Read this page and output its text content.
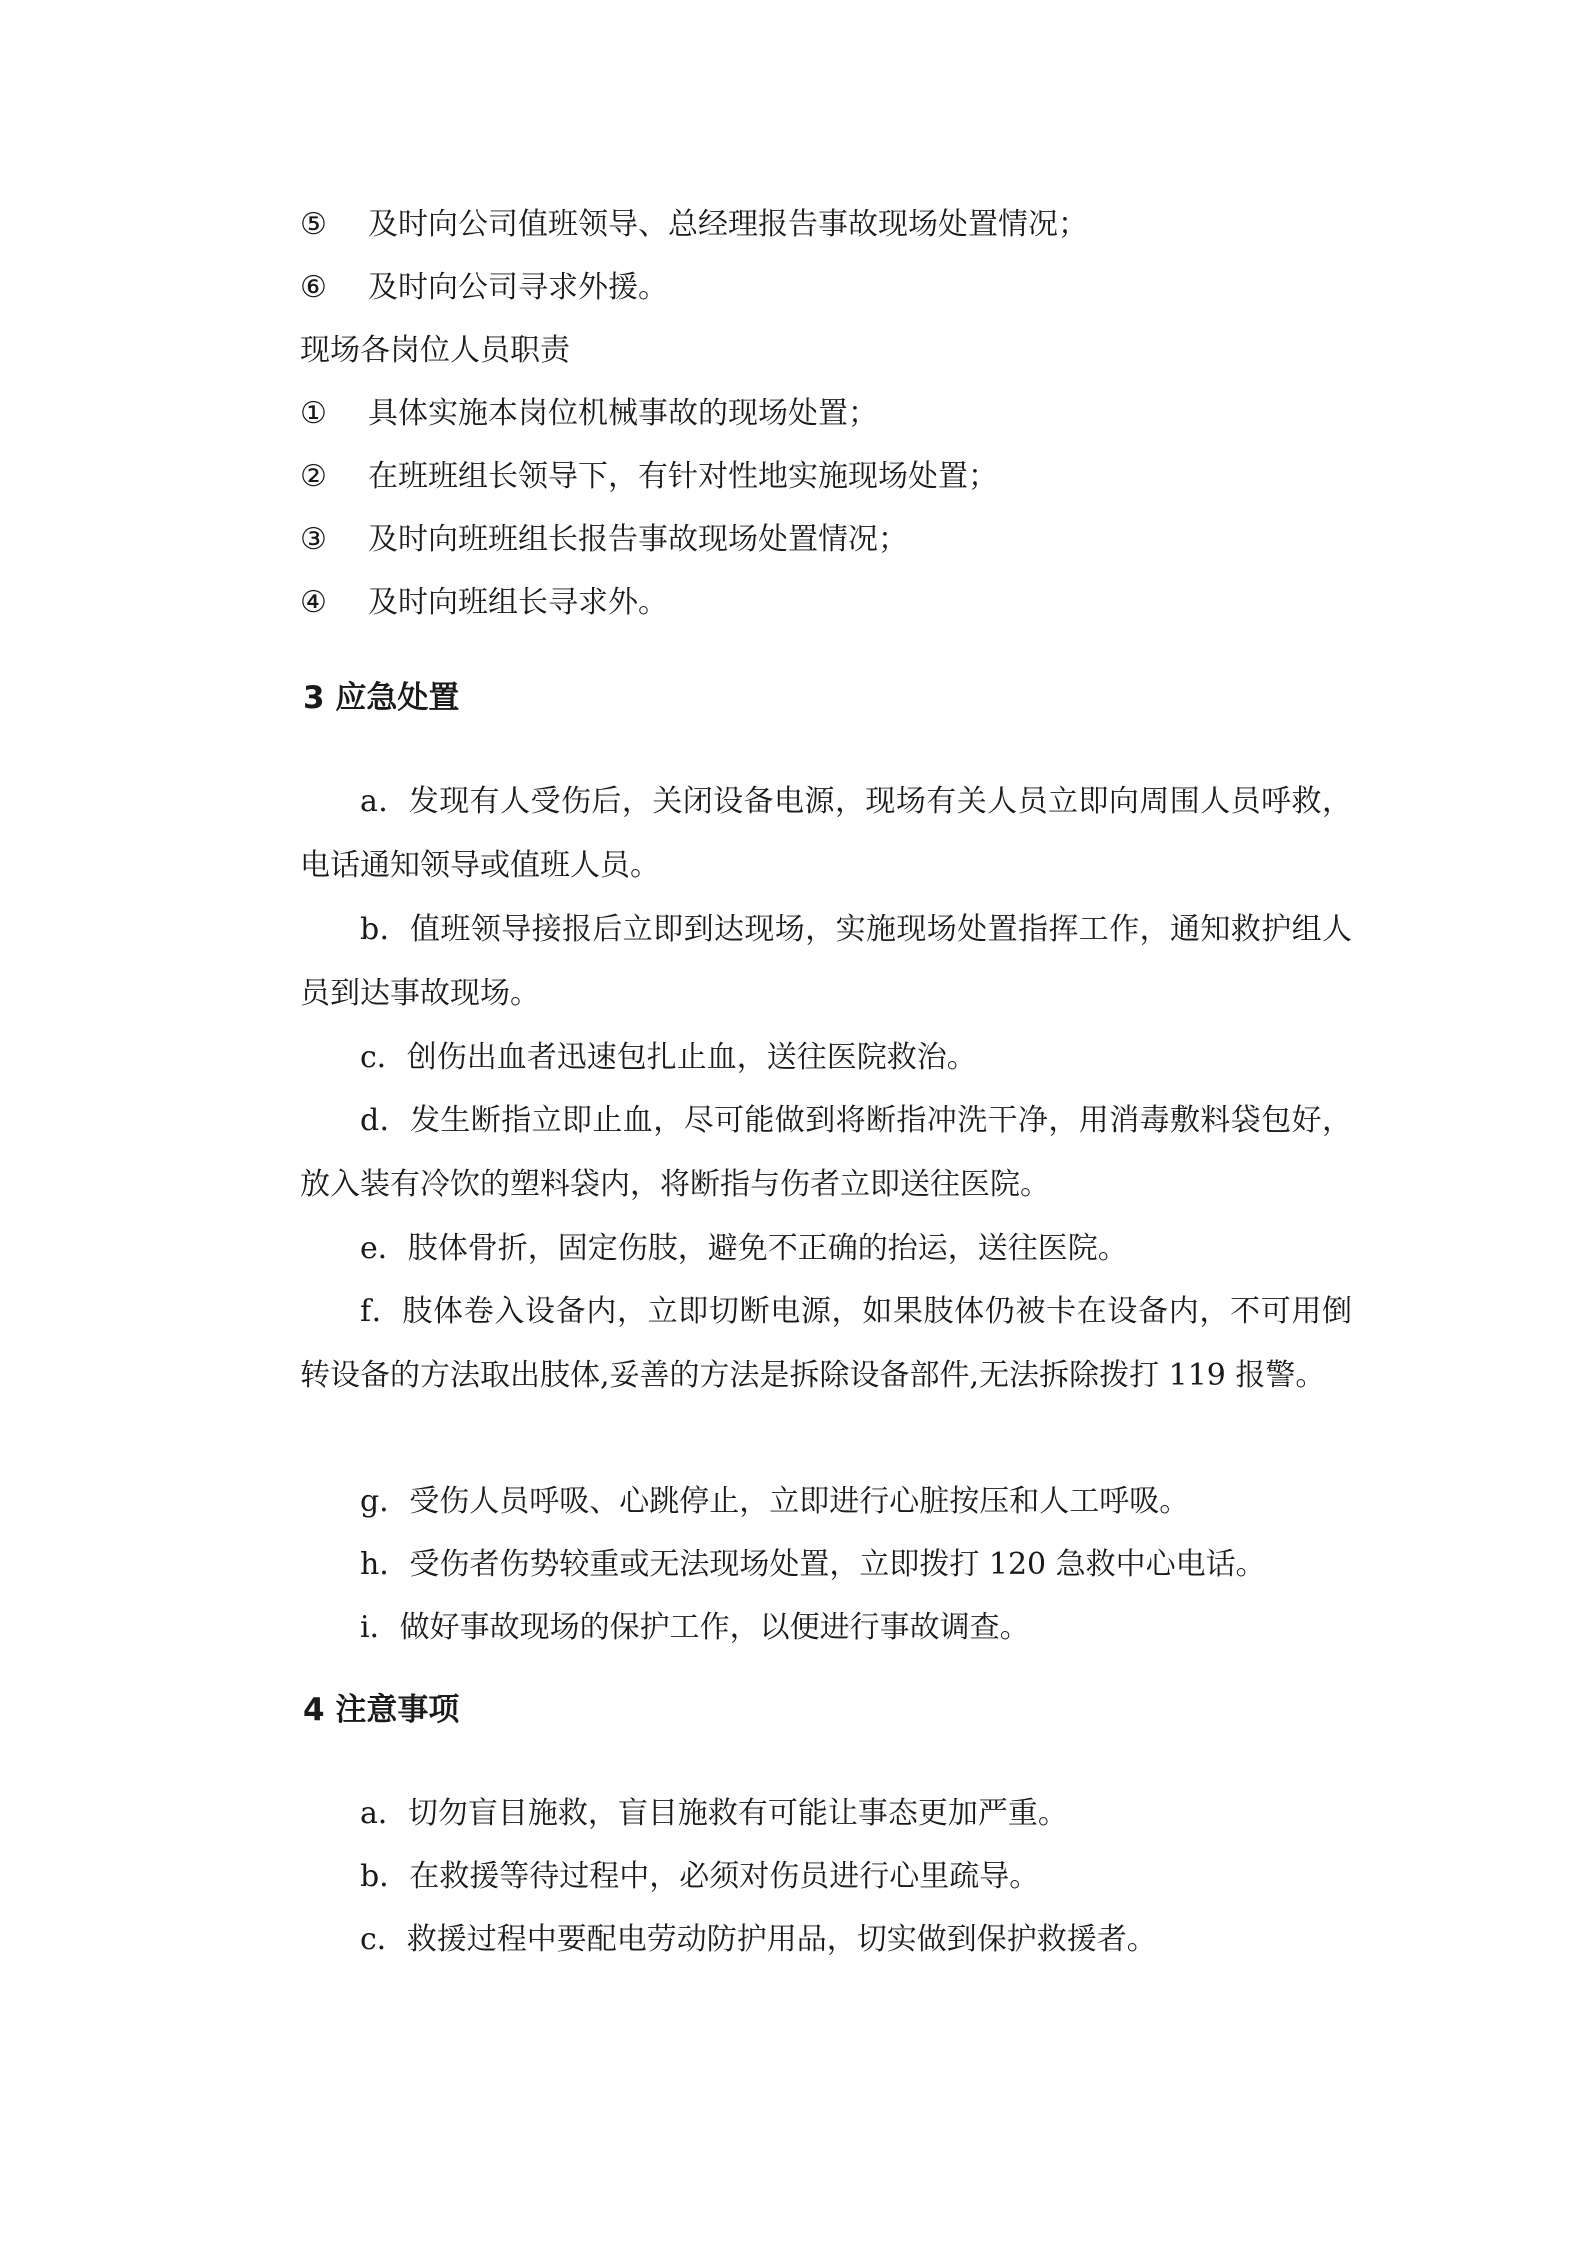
⑤ 及时向公司值班领导、总经理报告事故现场处置情况；
⑥ 及时向公司寻求外援。
现场各岗位人员职责
① 具体实施本岗位机械事故的现场处置；
② 在班班组长领导下，有针对性地实施现场处置；
③ 及时向班班组长报告事故现场处置情况；
④ 及时向班组长寻求外。
3 应急处置
a．发现有人受伤后，关闭设备电源，现场有关人员立即向周围人员呼救，电话通知领导或值班人员。
b．值班领导接报后立即到达现场，实施现场处置指挥工作，通知救护组人员到达事故现场。
c．创伤出血者迅速包扎止血，送往医院救治。
d．发生断指立即止血，尽可能做到将断指冲洗干净，用消毒敷料袋包好，放入装有冷饮的塑料袋内，将断指与伤者立即送往医院。
e．肢体骨折，固定伤肢，避免不正确的抬运，送往医院。
f．肢体卷入设备内，立即切断电源，如果肢体仍被卡在设备内，不可用倒转设备的方法取出肢体,妥善的方法是拆除设备部件,无法拆除拨打 119 报警。
g．受伤人员呼吸、心跳停止，立即进行心脏按压和人工呼吸。
h．受伤者伤势较重或无法现场处置，立即拨打 120 急救中心电话。
i．做好事故现场的保护工作，以便进行事故调查。
4 注意事项
a．切勿盲目施救，盲目施救有可能让事态更加严重。
b．在救援等待过程中，必须对伤员进行心里疏导。
c．救援过程中要配电劳动防护用品，切实做到保护救援者。
